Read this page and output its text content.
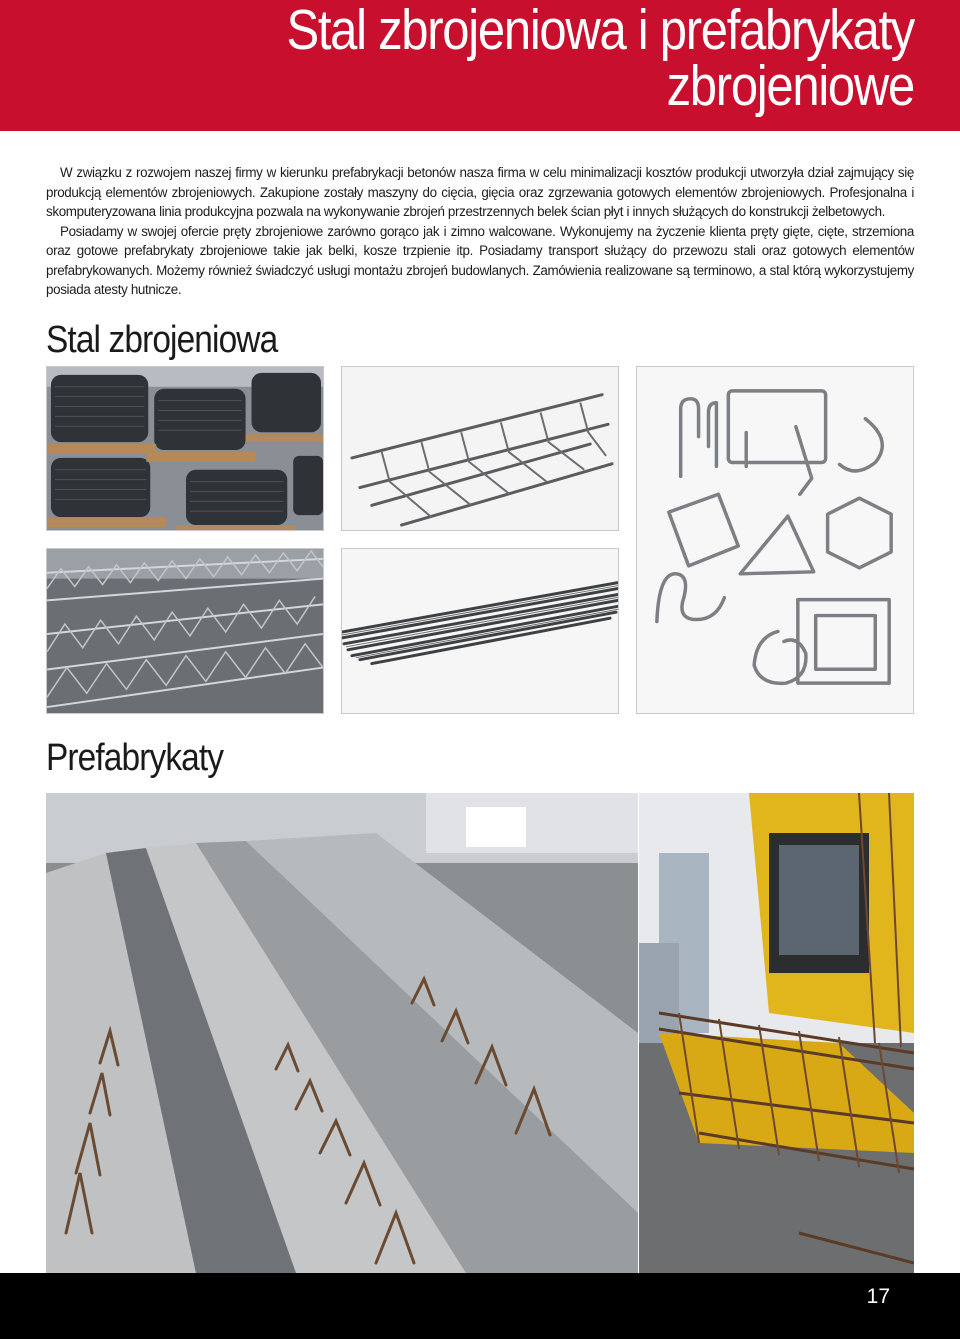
Stal zbrojeniowa i prefabrykaty
zbrojeniowe

W związku z rozwojem naszej firmy w kierunku prefabrykacji betonów nasza firma w celu minimalizacji kosztów produkcji utworzyła dział zajmujący się produkcją elementów zbrojeniowych. Zakupione zostały maszyny do cięcia, gięcia oraz zgrzewania gotowych elementów zbrojeniowych. Profesjonalna i skomputeryzowana linia produkcyjna pozwala na wykonywanie zbrojeń przestrzennych belek ścian płyt i innych służących do konstrukcji żelbetowych.

Posiadamy w swojej ofercie pręty zbrojeniowe zarówno gorąco jak i zimno walcowane. Wykonujemy na życzenie klienta pręty gięte, cięte, strzemiona oraz gotowe prefabrykaty zbrojeniowe takie jak belki, kosze trzpienie itp. Posiadamy transport służący do przewozu stali oraz gotowych elementów prefabrykowanych. Możemy również świadczyć usługi montażu zbrojeń budowlanych. Zamówienia realizowane są terminowo, a stal którą wykorzystujemy posiada atesty hutnicze.

Stal zbrojeniowa
Prefabrykaty
17
